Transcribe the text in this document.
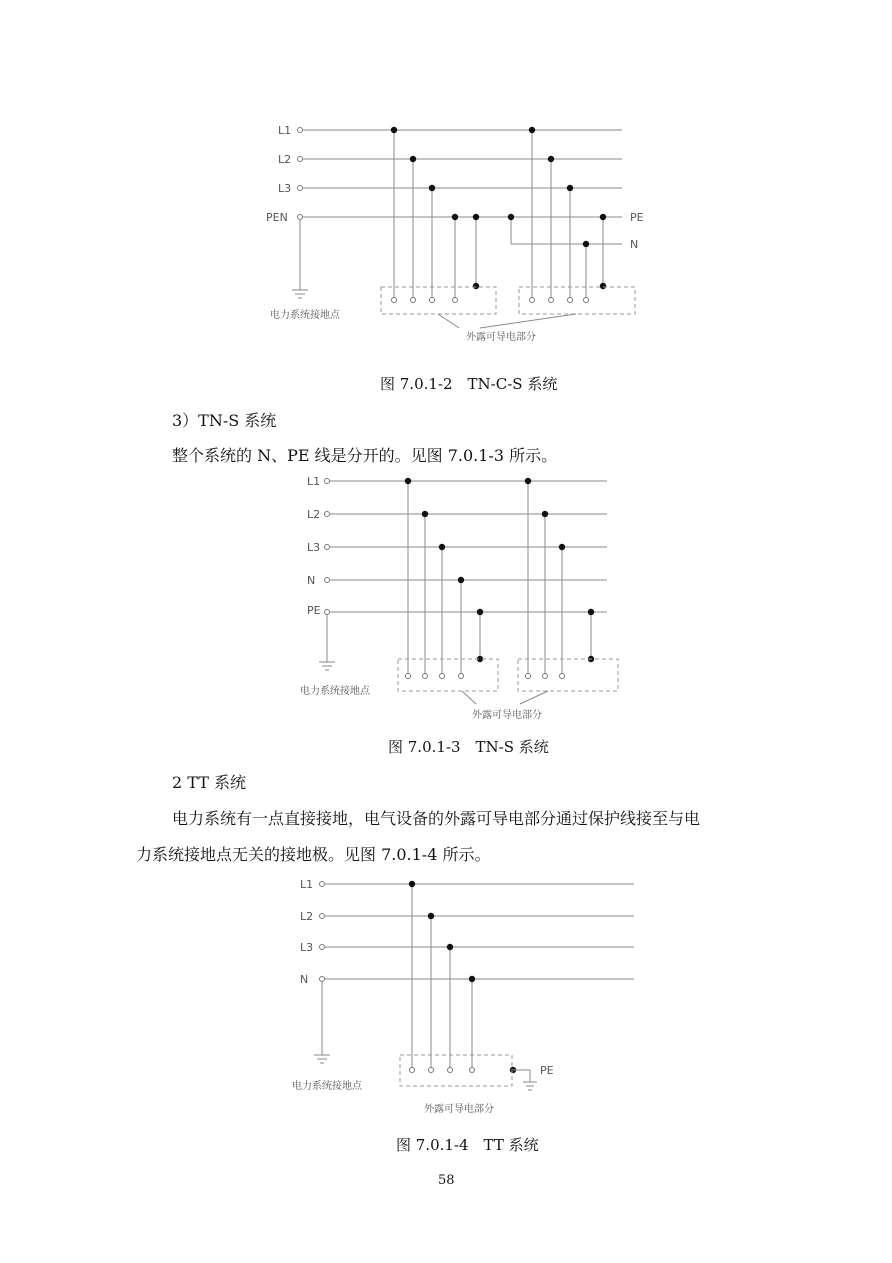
L1
L2
L3
PEN	PE
N
电力系统接地点
外露可导电部分
图 7.0.1-2　TN-C-S 系统
3）TN-S 系统
整个系统的 N、PE 线是分开的。见图 7.0.1-3 所示。
L1
L2
L3
N
PE
电力系统接地点
外露可导电部分
图 7.0.1-3　TN-S 系统
2 TT 系统
电力系统有一点直接接地，电气设备的外露可导电部分通过保护线接至与电
力系统接地点无关的接地极。见图 7.0.1-4 所示。
L1
L2
L3
N
PE
电力系统接地点
外露可导电部分
图 7.0.1-4　TT 系统
58
